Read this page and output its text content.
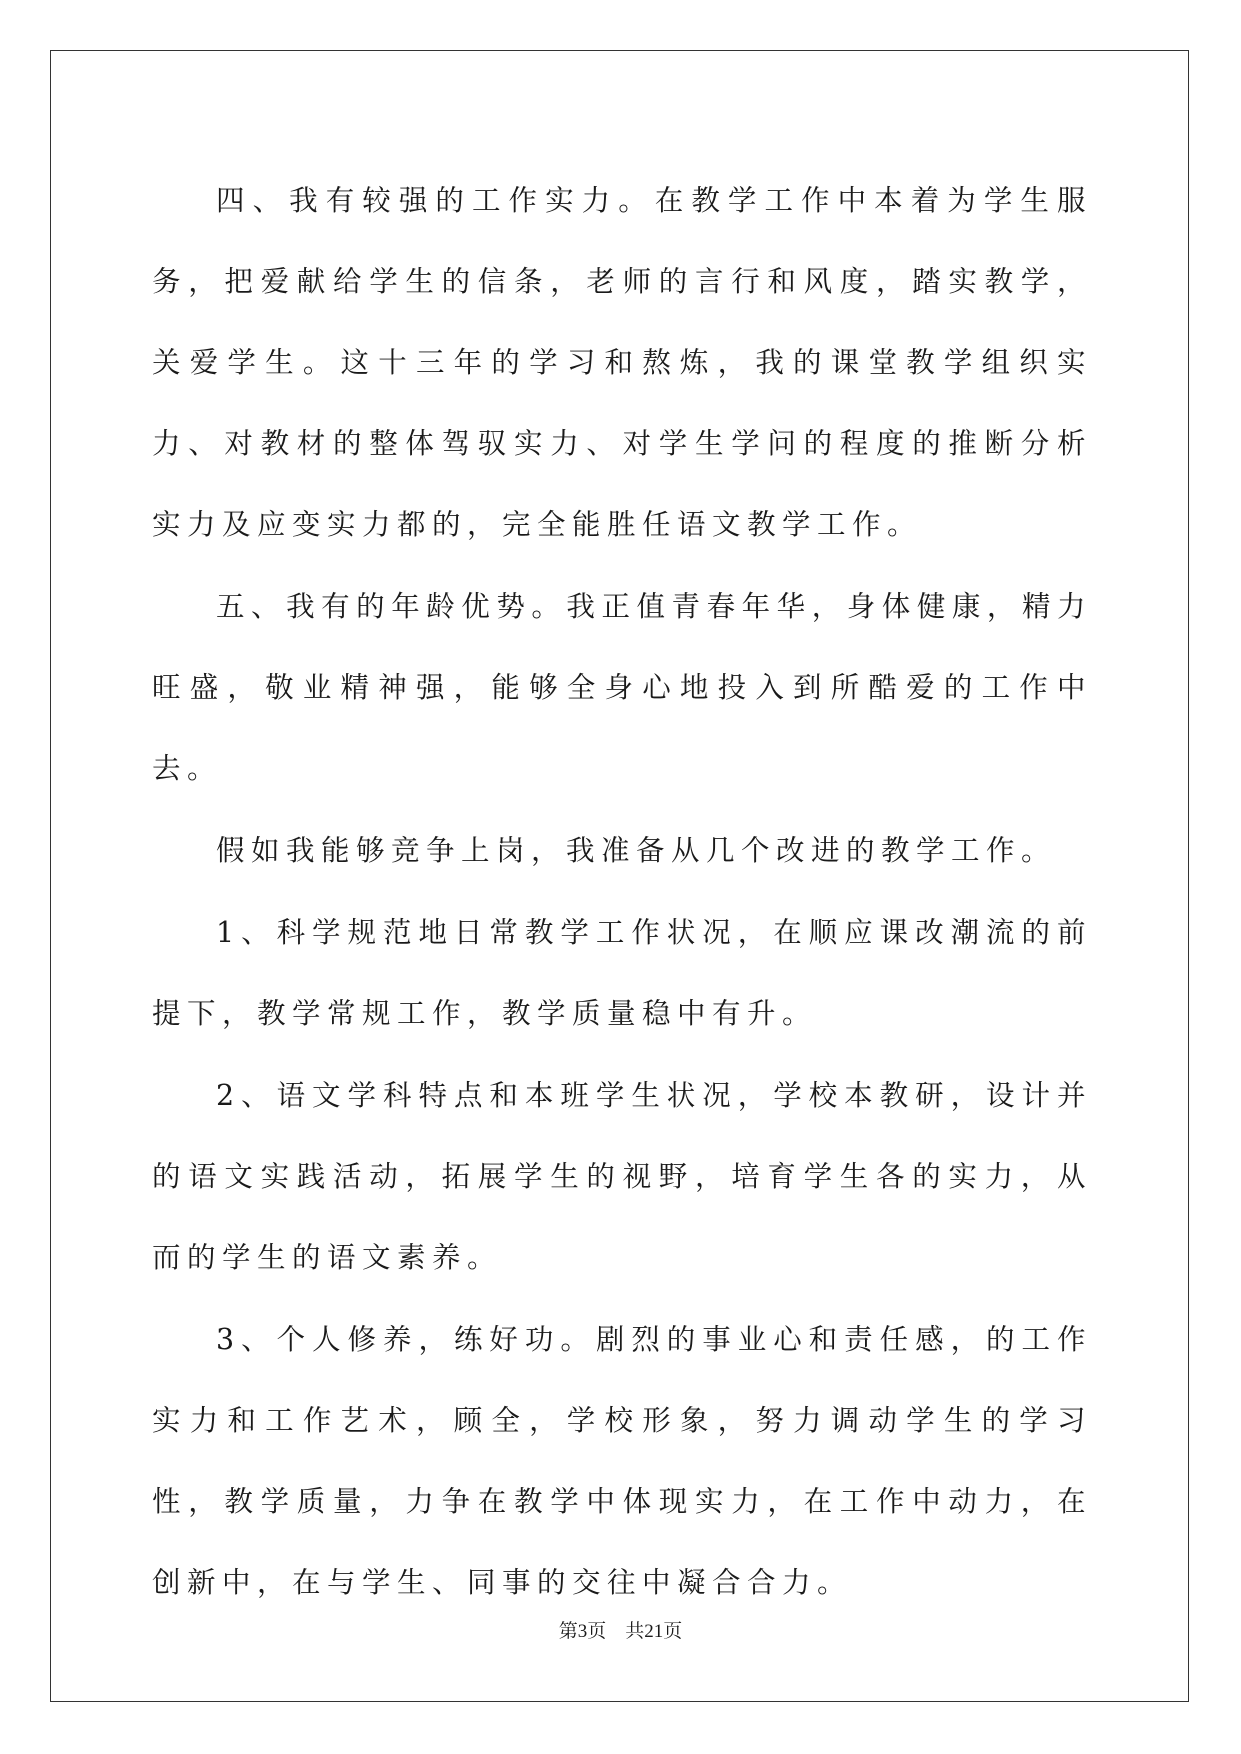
四、我有较强的工作实力。在教学工作中本着为学生服务，把爱献给学生的信条，老师的言行和风度，踏实教学，关爱学生。这十三年的学习和熬炼，我的课堂教学组织实力、对教材的整体驾驭实力、对学生学问的程度的推断分析实力及应变实力都的，完全能胜任语文教学工作。

五、我有的年龄优势。我正值青春年华，身体健康，精力旺盛，敬业精神强，能够全身心地投入到所酷爱的工作中去。

假如我能够竞争上岗，我准备从几个改进的教学工作。

1、科学规范地日常教学工作状况，在顺应课改潮流的前提下，教学常规工作，教学质量稳中有升。

2、语文学科特点和本班学生状况，学校本教研，设计并的语文实践活动，拓展学生的视野，培育学生各的实力，从而的学生的语文素养。

3、个人修养，练好功。剧烈的事业心和责任感，的工作实力和工作艺术，顾全，学校形象，努力调动学生的学习性，教学质量，力争在教学中体现实力，在工作中动力，在创新中，在与学生、同事的交往中凝合合力。

第3页　共21页
